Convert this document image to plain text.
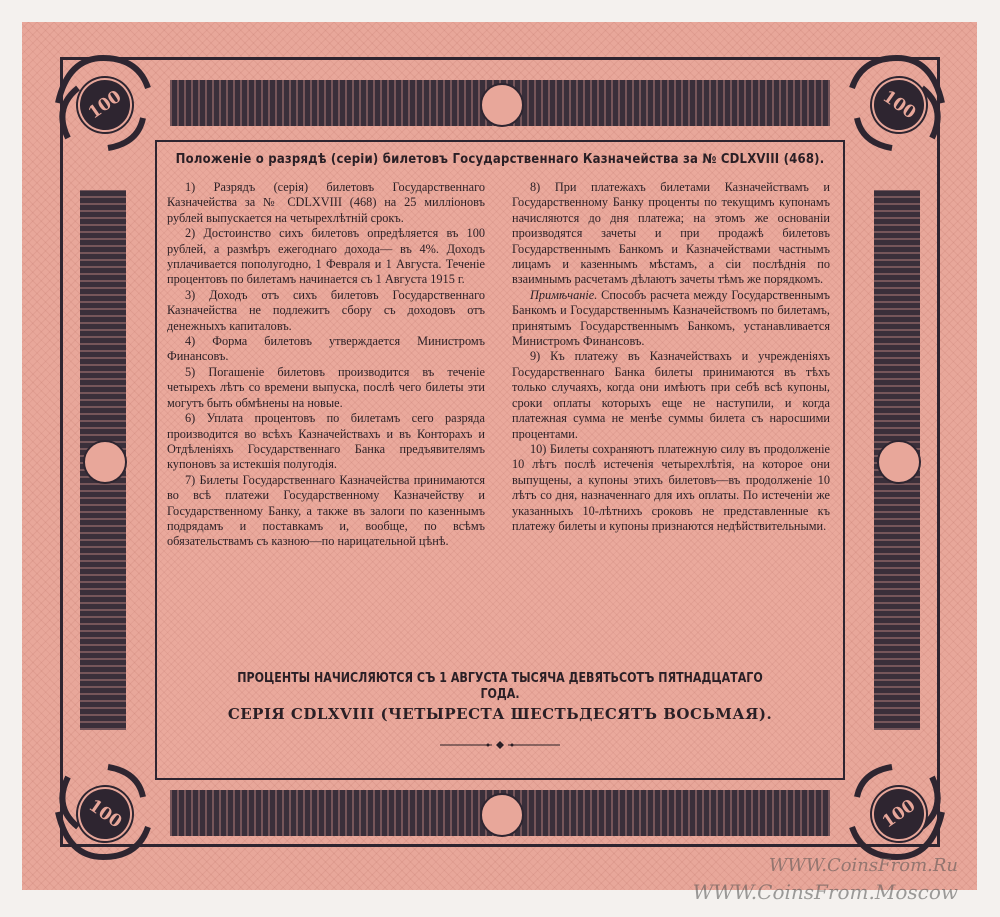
100	100
100	100
Положенiе о разрядѣ (серiи) билетовъ Государственнаго Казначейства за № CDLXVIII (468).

1) Разрядъ (серiя) билетовъ Государственнаго Казначейства за № CDLXVIII (468) на 25 миллiоновъ рублей выпускается на четырехлѣтнiй срокъ.

2) Достоинство сихъ билетовъ опредѣляется въ 100 рублей, а размѣръ ежегоднаго дохода— въ 4%. Доходъ уплачивается пополугодно, 1 Февраля и 1 Августа. Теченiе процентовъ по билетамъ начинается съ 1 Августа 1915 г.

3) Доходъ отъ сихъ билетовъ Государственнаго Казначейства не подлежитъ сбору съ доходовъ отъ денежныхъ капиталовъ.

4) Форма билетовъ утверждается Министромъ Финансовъ.

5) Погашенiе билетовъ производится въ теченiе четырехъ лѣтъ со времени выпуска, послѣ чего билеты эти могутъ быть обмѣнены на новые.

6) Уплата процентовъ по билетамъ сего разряда производится во всѣхъ Казначействахъ и въ Конторахъ и Отдѣленiяхъ Государственнаго Банка предъявителямъ купоновъ за истекшiя полугодiя.

7) Билеты Государственнаго Казначейства принимаются во всѣ платежи Государственному Казначейству и Государственному Банку, а также въ залоги по казеннымъ подрядамъ и поставкамъ и, вообще, по всѣмъ обязательствамъ съ казною—по нарицательной цѣнѣ.

8) При платежахъ билетами Казначействамъ и Государственному Банку проценты по текущимъ купонамъ начисляются до дня платежа; на этомъ же основанiи производятся зачеты и при продажѣ билетовъ Государственнымъ Банкомъ и Казначействами частнымъ лицамъ и казеннымъ мѣстамъ, а сiи послѣднiя по взаимнымъ расчетамъ дѣлаютъ зачеты тѣмъ же порядкомъ.

Примѣчанiе. Способъ расчета между Государственнымъ Банкомъ и Государственнымъ Казначействомъ по билетамъ, принятымъ Государственнымъ Банкомъ, устанавливается Министромъ Финансовъ.

9) Къ платежу въ Казначействахъ и учрежденiяхъ Государственнаго Банка билеты принимаются въ тѣхъ только случаяхъ, когда они имѣютъ при себѣ всѣ купоны, сроки оплаты которыхъ еще не наступили, и когда платежная сумма не менѣе суммы билета съ наросшими процентами.

10) Билеты сохраняютъ платежную силу въ продолженiе 10 лѣтъ послѣ истеченiя четырехлѣтiя, на которое они выпущены, а купоны этихъ билетовъ—въ продолженiе 10 лѣтъ со дня, назначеннаго для ихъ оплаты. По истеченiи же указанныхъ 10-лѣтнихъ сроковъ не представленные къ платежу билеты и купоны признаются недѣйствительными.

ПРОЦЕНТЫ НАЧИСЛЯЮТСЯ СЪ 1 АВГУСТА ТЫСЯЧА ДЕВЯТЬСОТЪ ПЯТНАДЦАТАГО ГОДА.
СЕРIЯ CDLXVIII (ЧЕТЫРЕСТА ШЕСТЬДЕСЯТЪ ВОСЬМАЯ).
WWW.CoinsFrom.Ru
WWW.CoinsFrom.Moscow
